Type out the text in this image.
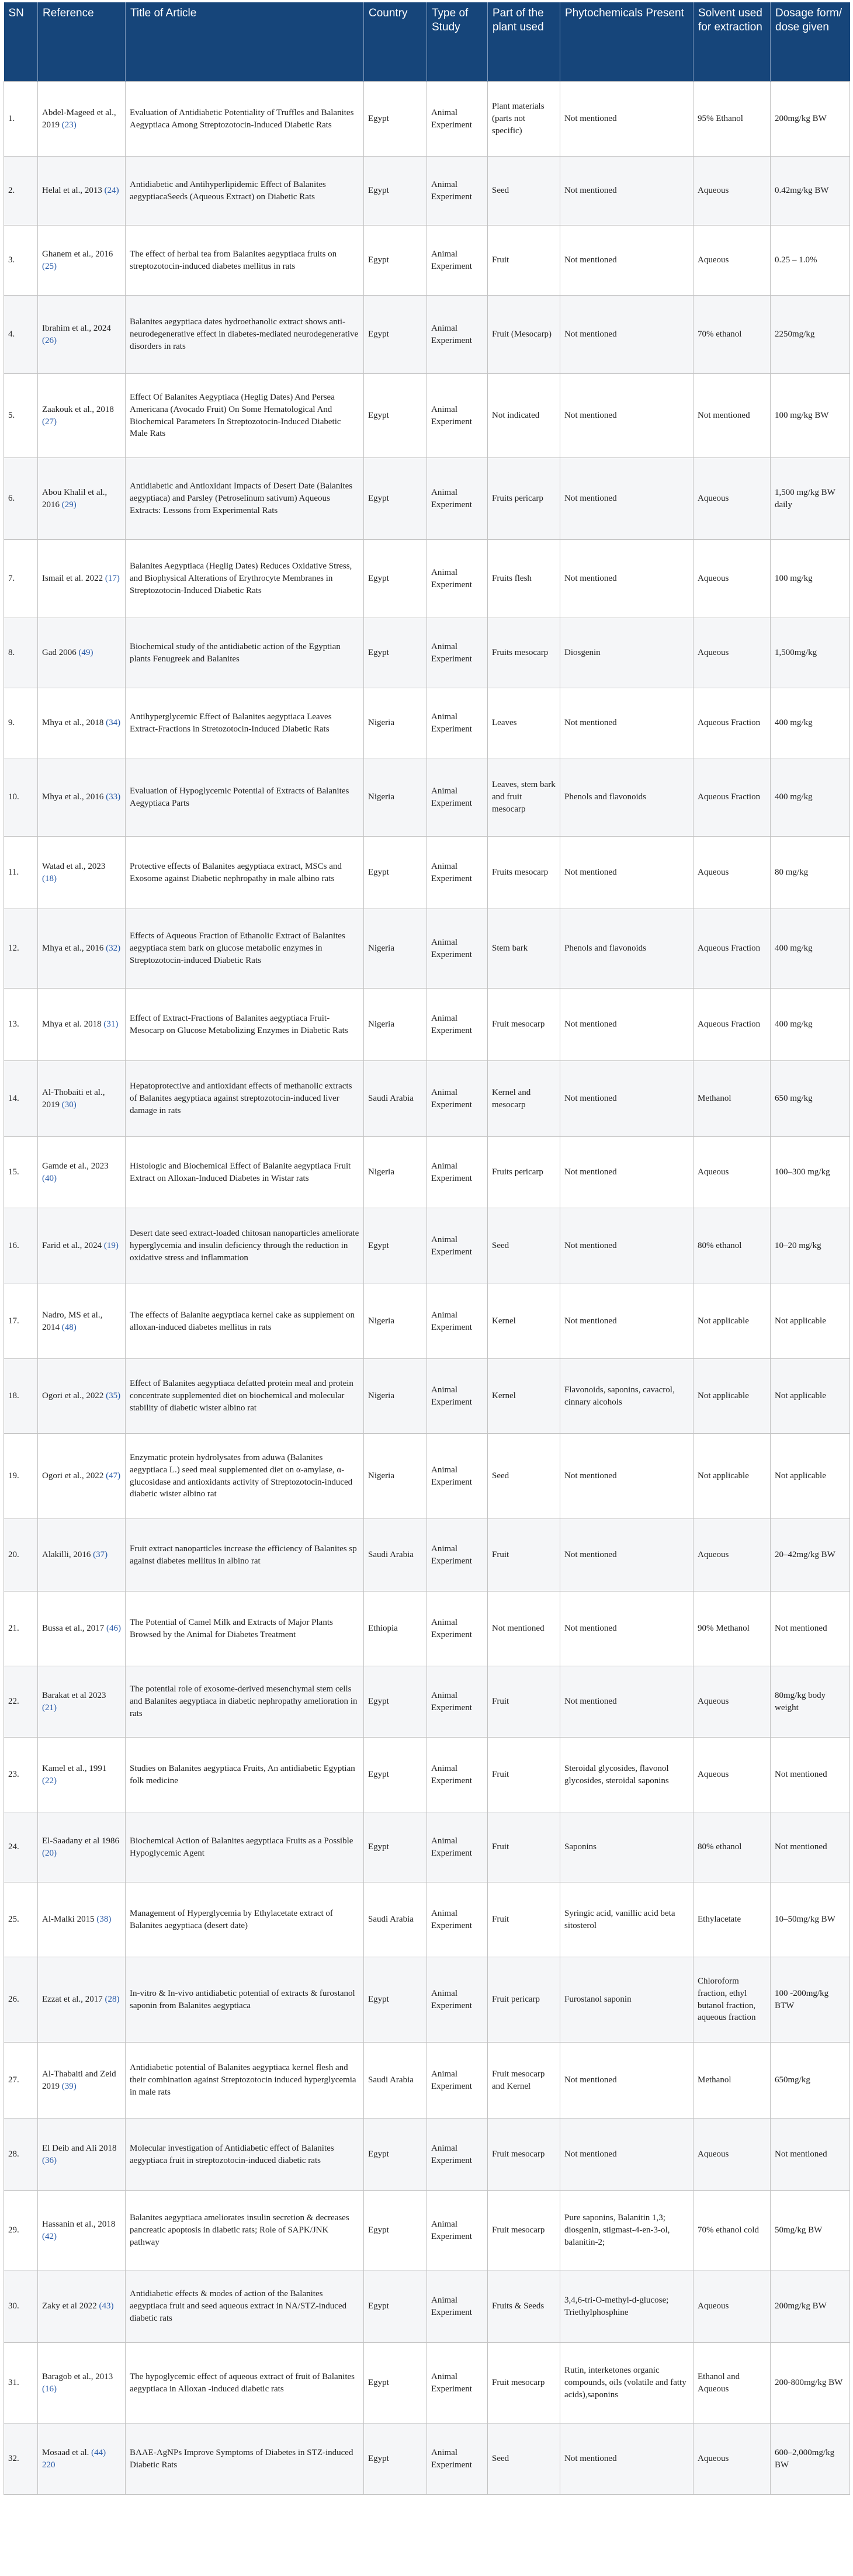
SN	Reference	Title of Article	Country	Type of Study	Part of the plant used	Phytochemicals Present	Solvent used for extraction	Dosage form/ dose given
1.	Abdel-Mageed et al., 2019 (23)	Evaluation of Antidiabetic Potentiality of Truffles and Balanites Aegyptiaca Among Streptozotocin-Induced Diabetic Rats	Egypt	Animal Experiment	Plant materials (parts not specific)	Not mentioned	95% Ethanol	200mg/kg BW
2.	Helal et al., 2013 (24)	Antidiabetic and Antihyperlipidemic Effect of Balanites aegyptiacaSeeds (Aqueous Extract) on Diabetic Rats	Egypt	Animal Experiment	Seed	Not mentioned	Aqueous	0.42mg/kg BW
3.	Ghanem et al., 2016 (25)	The effect of herbal tea from Balanites aegyptiaca fruits on streptozotocin-induced diabetes mellitus in rats	Egypt	Animal Experiment	Fruit	Not mentioned	Aqueous	0.25 – 1.0%
4.	Ibrahim et al., 2024 (26)	Balanites aegyptiaca dates hydroethanolic extract shows anti-neurodegenerative effect in diabetes-mediated neurodegenerative disorders in rats	Egypt	Animal Experiment	Fruit (Mesocarp)	Not mentioned	70% ethanol	2250mg/kg
5.	Zaakouk et al., 2018 (27)	Effect Of Balanites Aegyptiaca (Heglig Dates) And Persea Americana (Avocado Fruit) On Some Hematological And Biochemical Parameters In Streptozotocin-Induced Diabetic Male Rats	Egypt	Animal Experiment	Not indicated	Not mentioned	Not mentioned	100 mg/kg BW
6.	Abou Khalil et al., 2016 (29)	Antidiabetic and Antioxidant Impacts of Desert Date (Balanites aegyptiaca) and Parsley (Petroselinum sativum) Aqueous Extracts: Lessons from Experimental Rats	Egypt	Animal Experiment	Fruits pericarp	Not mentioned	Aqueous	1,500 mg/kg BW daily
7.	Ismail et al. 2022 (17)	Balanites Aegyptiaca (Heglig Dates) Reduces Oxidative Stress, and Biophysical Alterations of Erythrocyte Membranes in Streptozotocin-Induced Diabetic Rats	Egypt	Animal Experiment	Fruits flesh	Not mentioned	Aqueous	100 mg/kg
8.	Gad 2006 (49)	Biochemical study of the antidiabetic action of the Egyptian plants Fenugreek and Balanites	Egypt	Animal Experiment	Fruits mesocarp	Diosgenin	Aqueous	1,500mg/kg
9.	Mhya et al., 2018 (34)	Antihyperglycemic Effect of Balanites aegyptiaca Leaves Extract-Fractions in Stretozotocin-Induced Diabetic Rats	Nigeria	Animal Experiment	Leaves	Not mentioned	Aqueous Fraction	400 mg/kg
10.	Mhya et al., 2016 (33)	Evaluation of Hypoglycemic Potential of Extracts of Balanites Aegyptiaca Parts	Nigeria	Animal Experiment	Leaves, stem bark and fruit mesocarp	Phenols and flavonoids	Aqueous Fraction	400 mg/kg
11.	Watad et al., 2023 (18)	Protective effects of Balanites aegyptiaca extract, MSCs and Exosome against Diabetic nephropathy in male albino rats	Egypt	Animal Experiment	Fruits mesocarp	Not mentioned	Aqueous	80 mg/kg
12.	Mhya et al., 2016 (32)	Effects of Aqueous Fraction of Ethanolic Extract of Balanites aegyptiaca stem bark on glucose metabolic enzymes in Streptozotocin-induced Diabetic Rats	Nigeria	Animal Experiment	Stem bark	Phenols and flavonoids	Aqueous Fraction	400 mg/kg
13.	Mhya et al. 2018 (31)	Effect of Extract-Fractions of Balanites aegyptiaca Fruit-Mesocarp on Glucose Metabolizing Enzymes in Diabetic Rats	Nigeria	Animal Experiment	Fruit mesocarp	Not mentioned	Aqueous Fraction	400 mg/kg
14.	Al-Thobaiti et al., 2019 (30)	Hepatoprotective and antioxidant effects of methanolic extracts of Balanites aegyptiaca against streptozotocin-induced liver damage in rats	Saudi Arabia	Animal Experiment	Kernel and mesocarp	Not mentioned	Methanol	650 mg/kg
15.	Gamde et al., 2023 (40)	Histologic and Biochemical Effect of Balanite aegyptiaca Fruit Extract on Alloxan-Induced Diabetes in Wistar rats	Nigeria	Animal Experiment	Fruits pericarp	Not mentioned	Aqueous	100–300 mg/kg
16.	Farid et al., 2024 (19)	Desert date seed extract-loaded chitosan nanoparticles ameliorate hyperglycemia and insulin deficiency through the reduction in oxidative stress and inflammation	Egypt	Animal Experiment	Seed	Not mentioned	80% ethanol	10–20 mg/kg
17.	Nadro, MS et al., 2014 (48)	The effects of Balanite aegyptiaca kernel cake as supplement on alloxan-induced diabetes mellitus in rats	Nigeria	Animal Experiment	Kernel	Not mentioned	Not applicable	Not applicable
18.	Ogori et al., 2022 (35)	Effect of Balanites aegyptiaca defatted protein meal and protein concentrate supplemented diet on biochemical and molecular stability of diabetic wister albino rat	Nigeria	Animal Experiment	Kernel	Flavonoids, saponins, cavacrol, cinnary alcohols	Not applicable	Not applicable
19.	Ogori et al., 2022 (47)	Enzymatic protein hydrolysates from aduwa (Balanites aegyptiaca L.) seed meal supplemented diet on α-amylase, α-glucosidase and antioxidants activity of Streptozotocin-induced diabetic wister albino rat	Nigeria	Animal Experiment	Seed	Not mentioned	Not applicable	Not applicable
20.	Alakilli, 2016 (37)	Fruit extract nanoparticles increase the efficiency of Balanites sp against diabetes mellitus in albino rat	Saudi Arabia	Animal Experiment	Fruit	Not mentioned	Aqueous	20–42mg/kg BW
21.	Bussa et al., 2017 (46)	The Potential of Camel Milk and Extracts of Major Plants Browsed by the Animal for Diabetes Treatment	Ethiopia	Animal Experiment	Not mentioned	Not mentioned	90% Methanol	Not mentioned
22.	Barakat et al 2023 (21)	The potential role of exosome-derived mesenchymal stem cells and Balanites aegyptiaca in diabetic nephropathy amelioration in rats	Egypt	Animal Experiment	Fruit	Not mentioned	Aqueous	80mg/kg body weight
23.	Kamel et al., 1991 (22)	Studies on Balanites aegyptiaca Fruits, An antidiabetic Egyptian folk medicine	Egypt	Animal Experiment	Fruit	Steroidal glycosides, flavonol glycosides, steroidal saponins	Aqueous	Not mentioned
24.	El-Saadany et al 1986 (20)	Biochemical Action of Balanites aegyptiaca Fruits as a Possible Hypoglycemic Agent	Egypt	Animal Experiment	Fruit	Saponins	80% ethanol	Not mentioned
25.	Al-Malki 2015 (38)	Management of Hyperglycemia by Ethylacetate extract of Balanites aegyptiaca (desert date)	Saudi Arabia	Animal Experiment	Fruit	Syringic acid, vanillic acid beta sitosterol	Ethylacetate	10–50mg/kg BW
26.	Ezzat et al., 2017 (28)	In-vitro & In-vivo antidiabetic potential of extracts & furostanol saponin from Balanites aegyptiaca	Egypt	Animal Experiment	Fruit pericarp	Furostanol saponin	Chloroform fraction, ethyl butanol fraction, aqueous fraction	100 -200mg/kg BTW
27.	Al-Thabaiti and Zeid 2019 (39)	Antidiabetic potential of Balanites aegyptiaca kernel flesh and their combination against Streptozotocin induced hyperglycemia in male rats	Saudi Arabia	Animal Experiment	Fruit mesocarp and Kernel	Not mentioned	Methanol	650mg/kg
28.	El Deib and Ali 2018 (36)	Molecular investigation of Antidiabetic effect of Balanites aegyptiaca fruit in streptozotocin-induced diabetic rats	Egypt	Animal Experiment	Fruit mesocarp	Not mentioned	Aqueous	Not mentioned
29.	Hassanin et al., 2018 (42)	Balanites aegyptiaca ameliorates insulin secretion & decreases pancreatic apoptosis in diabetic rats; Role of SAPK/JNK pathway	Egypt	Animal Experiment	Fruit mesocarp	Pure saponins, Balanitin 1,3; diosgenin, stigmast-4-en-3-ol, balanitin-2;	70% ethanol cold	50mg/kg BW
30.	Zaky et al 2022 (43)	Antidiabetic effects & modes of action of the Balanites aegyptiaca fruit and seed aqueous extract in NA/STZ-induced diabetic rats	Egypt	Animal Experiment	Fruits & Seeds	3,4,6-tri-O-methyl-d-glucose; Triethylphosphine	Aqueous	200mg/kg BW
31.	Baragob et al., 2013 (16)	The hypoglycemic effect of aqueous extract of fruit of Balanites aegyptiaca in Alloxan -induced diabetic rats	Egypt	Animal Experiment	Fruit mesocarp	Rutin, interketones organic compounds, oils (volatile and fatty acids),saponins	Ethanol and Aqueous	200-800mg/kg BW
32.	Mosaad et al. (44) 220	BAAE-AgNPs Improve Symptoms of Diabetes in STZ-induced Diabetic Rats	Egypt	Animal Experiment	Seed	Not mentioned	Aqueous	600–2,000mg/kg BW
